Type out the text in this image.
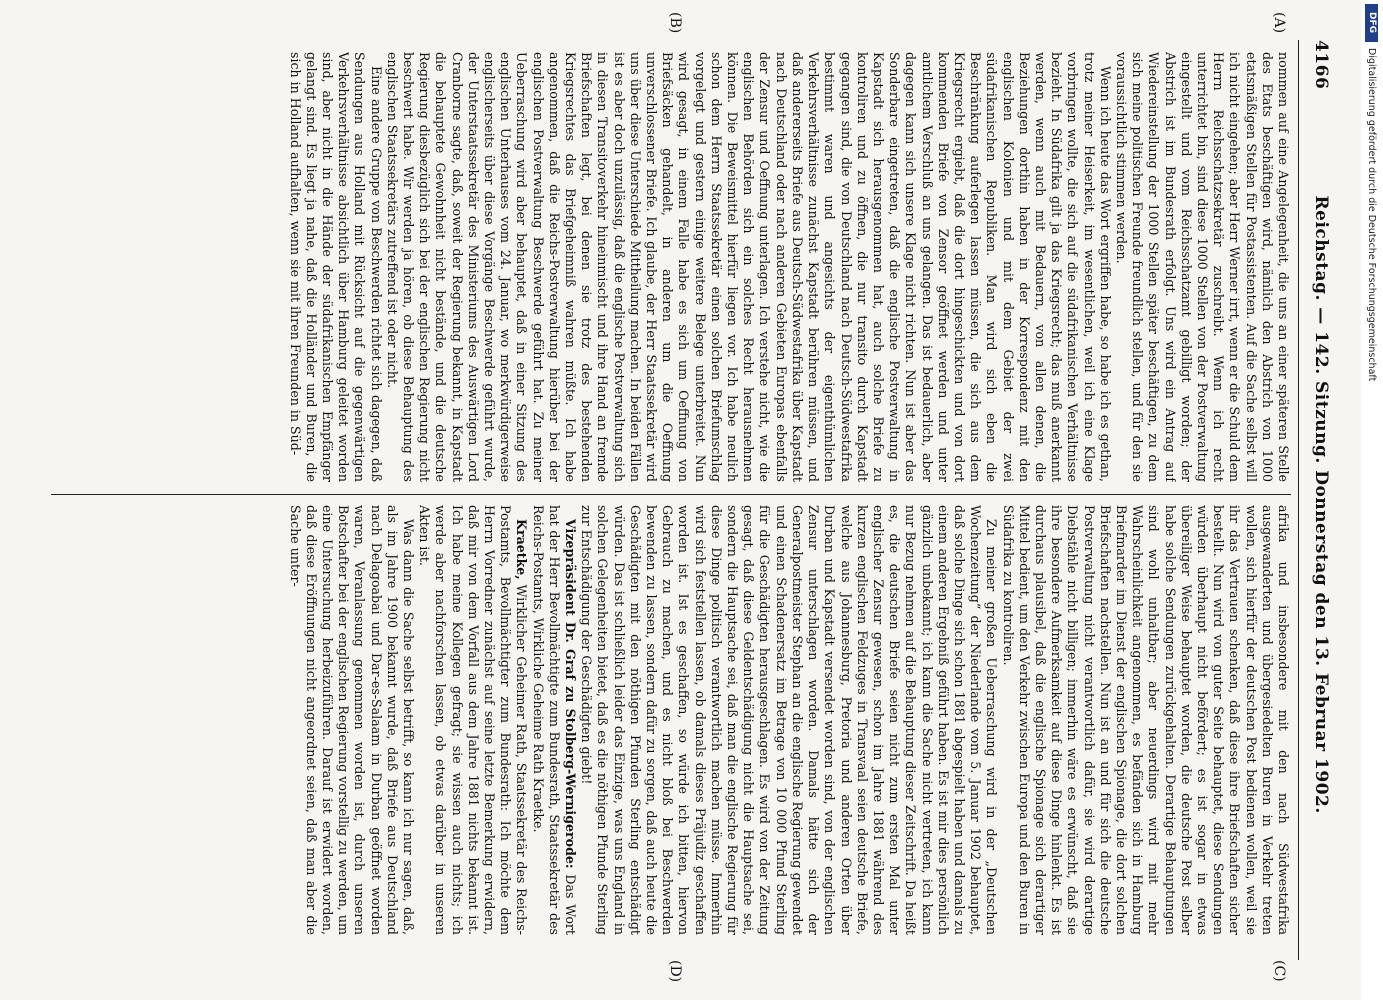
4166
Reichstag. — 142. Sitzung. Donnerstag den 13. Februar 1902.
(A)
(B)
(C)
(D)

nommen auf eine Angelegenheit, die uns an einer späteren Stelle des Etats beschäftigen wird, nämlich den Abstrich von 1000 etatsmäßigen Stellen für Postassistenten. Auf die Sache selbst will ich nicht eingehen; aber Herr Werner irrt, wenn er die Schuld dem Herrn Reichsschatzsekretär zuschreibt. Wenn ich recht unterrichtet bin, sind diese 1000 Stellen von der Postverwaltung eingestellt und vom Reichsschatzamt gebilligt worden; der Abstrich ist im Bundesrath erfolgt. Uns wird ein Antrag auf Wiedereinstellung der 1000 Stellen später beschäftigen, zu dem sich meine politischen Freunde freundlich stellen, und für den sie voraussichtlich stimmen werden.

Wenn ich heute das Wort ergriffen habe, so habe ich es gethan, trotz meiner Heiserkeit, im wesentlichen, weil ich eine Klage vorbringen wollte, die sich auf die südafrikanischen Verhältnisse bezieht. In Südafrika gilt ja das Kriegsrecht; das muß anerkannt werden, wenn auch mit Bedauern, von allen denen, die Beziehungen dorthin haben in der Korrespondenz mit den englischen Kolonien und mit dem Gebiet der zwei südafrikanischen Republiken. Man wird sich eben die Beschränkung auferlegen lassen müssen, die sich aus dem Kriegsrecht ergiebt, daß die dort hingeschickten und von dort kommenden Briefe von Zensor geöffnet werden und unter amtlichem Verschluß an uns gelangen. Das ist bedauerlich, aber dagegen kann sich unsere Klage nicht richten. Nun ist aber das Sonderbare eingetreten, daß die englische Postverwaltung in Kapstadt sich herausgenommen hat, auch solche Briefe zu kontroliren und zu öffnen, die nur transito durch Kapstadt gegangen sind, die von Deutschland nach Deutsch-Südwestafrika bestimmt waren und angesichts der eigenthümlichen Verkehrsverhältnisse zunächst Kapstadt berühren müssen, und daß andererseits Briefe aus Deutsch-Südwestafrika über Kapstadt nach Deutschland oder nach anderen Gebieten Europas ebenfalls der Zensur und Oeffnung unterlagen. Ich verstehe nicht, wie die englischen Behörden sich ein solches Recht herausnehmen können. Die Beweismittel hierfür liegen vor. Ich habe neulich schon dem Herrn Staatssekretär einen solchen Briefumschlag vorgelegt und gestern einige weitere Belege unterbreitet. Nun wird gesagt, in einem Falle habe es sich um Oeffnung von Briefsäcken gehandelt, in anderen um die Oeffnung unverschlossener Briefe. Ich glaube, der Herr Staatssekretär wird uns über diese Unterschiede Mittheilung machen. In beiden Fällen ist es aber doch unzulässig, daß die englische Postverwaltung sich in diesen Transitoverkehr hineinmischt und ihre Hand an fremde Briefschaften legt, bei denen sie trotz des bestehenden Kriegsrechtes das Briefgeheimniß wahren müßte. Ich habe angenommen, daß die Reichs-Postverwaltung hierüber bei der englischen Postverwaltung Beschwerde geführt hat. Zu meiner Ueberraschung wird aber behauptet, daß in einer Sitzung des englischen Unterhauses vom 24. Januar, wo merkwürdigerweise englischerseits über diese Vorgänge Beschwerde geführt wurde, der Unterstaatssekretär des Ministeriums des Auswärtigen Lord Cranborne sagte, daß, soweit der Regierung bekannt, in Kapstadt die behauptete Gewohnheit nicht bestände, und die deutsche Regierung diesbezüglich sich bei der englischen Regierung nicht beschwert habe. Wir werden ja hören, ob diese Behauptung des englischen Staatssekretärs zutreffend ist oder nicht.

Eine andere Gruppe von Beschwerden richtet sich dagegen, daß Sendungen aus Holland mit Rücksicht auf die gegenwärtigen Verkehrsverhältnisse absichtlich über Hamburg geleitet worden sind, aber nicht in die Hände der südafrikanischen Empfänger gelangt sind. Es liegt ja nahe, daß die Holländer und Buren, die sich in Holland aufhalten, wenn sie mit ihren Freunden in Süd-

afrika und insbesondere mit den nach Südwestafrika ausgewanderten und übergesiedelten Buren in Verkehr treten wollen, sich hierfür der deutschen Post bedienen wollen, weil sie ihr das Vertrauen schenken, daß diese ihre Briefschaften sicher bestellt. Nun wird von guter Seite behauptet, diese Sendungen würden überhaupt nicht befördert; es ist sogar in etwas übereiliger Weise behauptet worden, die deutsche Post selber habe solche Sendungen zurückgehalten. Derartige Behauptungen sind wohl unhaltbar; aber neuerdings wird mit mehr Wahrscheinlichkeit angenommen, es befänden sich in Hamburg Briefmarder im Dienst der englischen Spionage, die dort solchen Briefschaften nachstellen. Nun ist an und für sich die deutsche Postverwaltung nicht verantwortlich dafür, sie wird derartige Diebstähle nicht billigen; immerhin wäre es erwünscht, daß sie ihre besondere Aufmerksamkeit auf diese Dinge hinlenkt. Es ist durchaus plausibel, daß die englische Spionage sich derartiger Mittel bedient, um den Verkehr zwischen Europa und den Buren in Südafrika zu kontroliren.

Zu meiner großen Ueberraschung wird in der „Deutschen Wochenzeitung“ der Niederlande vom 5. Januar 1902 behauptet, daß solche Dinge sich schon 1881 abgespielt haben und damals zu einem anderen Ergebniß geführt haben. Es ist mir dies persönlich gänzlich unbekannt; ich kann die Sache nicht vertreten, ich kann nur Bezug nehmen auf die Behauptung dieser Zeitschrift. Da heißt es, die deutschen Briefe seien nicht zum ersten Mal unter englischer Zensur gewesen, schon im Jahre 1881 während des kurzen englischen Feldzuges in Transvaal seien deutsche Briefe, welche aus Johannesburg, Pretoria und anderen Orten über Durban und Kapstadt versendet worden sind, von der englischen Zensur unterschlagen worden. Damals hätte sich der Generalpostmeister Stephan an die englische Regierung gewendet und einen Schadenersatz im Betrage von 10 000 Pfund Sterling für die Geschädigten herausgeschlagen. Es wird von der Zeitung gesagt, daß diese Geldentschädigung nicht die Hauptsache sei, sondern die Hauptsache sei, daß man die englische Regierung für diese Dinge politisch verantwortlich machen müsse. Immerhin wird sich feststellen lassen, ob damals dieses Präjudiz geschaffen worden ist. Ist es geschaffen, so würde ich bitten, hiervon Gebrauch zu machen, und es nicht bloß bei Beschwerden bewenden zu lassen, sondern dafür zu sorgen, daß auch heute die Geschädigten mit den nöthigen Pfunden Sterling entschädigt würden. Das ist schließlich leider das Einzige, was uns England in solchen Gelegenheiten bietet, daß es die nöthigen Pfunde Sterling zur Entschädigung der Geschädigten giebt!

Vizepräsident Dr. Graf zu Stolberg-Wernigerode: Das Wort hat der Herr Bevollmächtigte zum Bundesrath, Staatssekretär des Reichs-Postamts, Wirkliche Geheime Rath Kraetke.

Kraetke, Wirklicher Geheimer Rath, Staatssekretär des Reichs-Postamts, Bevollmächtigter zum Bundesrath: Ich möchte dem Herrn Vorredner zunächst auf seine letzte Bemerkung erwidern, daß mir von dem Vorfall aus dem Jahre 1881 nichts bekannt ist. Ich habe meine Kollegen gefragt; sie wissen auch nichts; ich werde aber nachforschen lassen, ob etwas darüber in unseren Akten ist.

Was dann die Sache selbst betrifft, so kann ich nur sagen, daß, als im Jahre 1900 bekannt wurde, daß Briefe aus Deutschland nach Delagoabai und Dar-es-Salaam in Durban geöffnet worden waren, Veranlassung genommen worden ist, durch unseren Botschafter bei der englischen Regierung vorstellig zu werden, um eine Untersuchung herbeizuführen. Darauf ist erwidert worden, daß diese Eröffnungen nicht angeordnet seien, daß man aber die Sache unter-

DFG
Digitalisierung gefördert durch die Deutsche Forschungsgemeinschaft
